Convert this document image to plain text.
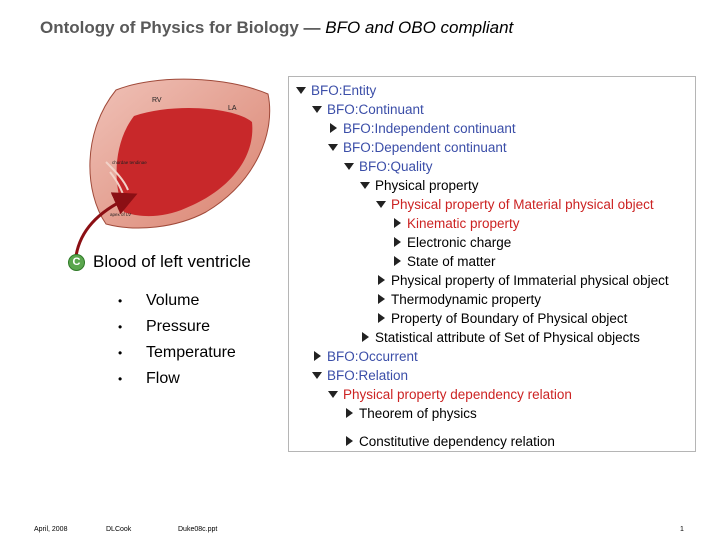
Ontology of Physics for Biology — BFO and OBO compliant
RV
LA
chordae tendinae
apex of LV
C Blood of left ventricle
•	Volume
•	Pressure
•	Temperature
•	Flow
BFO:Entity
BFO:Continuant
BFO:Independent continuant
BFO:Dependent continuant
BFO:Quality
Physical property
Physical property of Material physical object
Kinematic property
Electronic charge
State of matter
Physical property of Immaterial physical object
Thermodynamic property
Property of Boundary of Physical object
Statistical attribute of Set of Physical objects
BFO:Occurrent
BFO:Relation
Physical property dependency relation
Theorem of physics
Constitutive dependency relation
April, 2008	DLCook	Duke08c.ppt	1
